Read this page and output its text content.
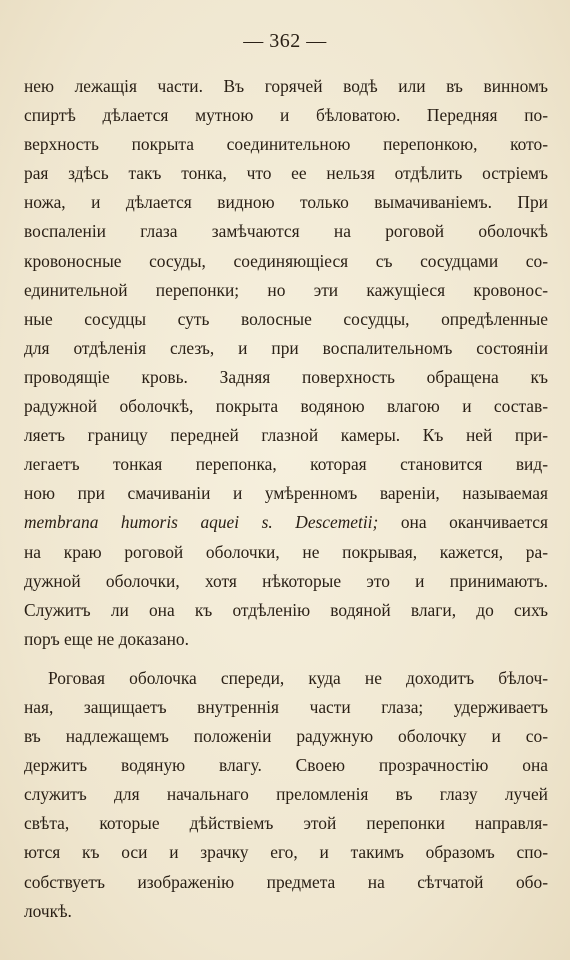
— 362 —
нею лежащія части. Въ горячей водѣ или въ винномъ
спиртѣ дѣлается мутною и бѣловатою. Передняя по-
верхность покрыта соединительною перепонкою, кото-
рая здѣсь такъ тонка, что ее нельзя отдѣлить остріемъ
ножа, и дѣлается видною только вымачиваніемъ. При
воспаленіи глаза замѣчаются на роговой оболочкѣ
кровоносные сосуды, соединяющіеся съ сосудцами со-
единительной перепонки; но эти кажущіеся кровонос-
ные сосудцы суть волосные сосудцы, опредѣленные
для отдѣленія слезъ, и при воспалительномъ состояніи
проводящіе кровь. Задняя поверхность обращена къ
радужной оболочкѣ, покрыта водяною влагою и состав-
ляетъ границу передней глазной камеры. Къ ней при-
легаетъ тонкая перепонка, которая становится вид-
ною при смачиваніи и умѣренномъ вареніи, называемая
membrana humoris aquei s. Descemetii; она оканчивается
на краю роговой оболочки, не покрывая, кажется, ра-
дужной оболочки, хотя нѣкоторые это и принимаютъ.
Служитъ ли она къ отдѣленію водяной влаги, до сихъ
поръ еще не доказано.
Роговая оболочка спереди, куда не доходитъ бѣлоч-
ная, защищаетъ внутреннія части глаза; удерживаетъ
въ надлежащемъ положеніи радужную оболочку и со-
держитъ водяную влагу. Своею прозрачностію она
служитъ для начальнаго преломленія въ глазу лучей
свѣта, которые дѣйствіемъ этой перепонки направля-
ются къ оси и зрачку его, и такимъ образомъ спо-
собствуетъ изображенію предмета на сѣтчатой обо-
лочкѣ.
